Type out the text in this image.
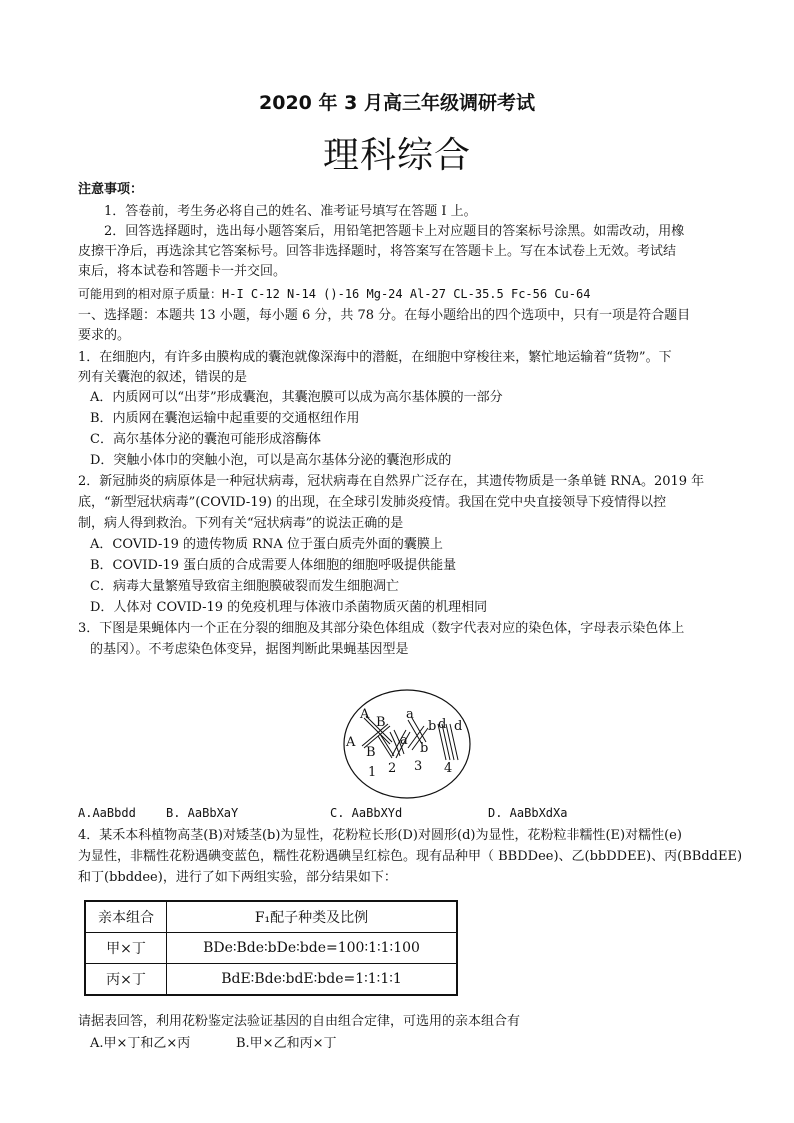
2020 年 3 月高三年级调研考试
理科综合
注意事项：
1．答卷前，考生务必将自己的姓名、准考证号填写在答题 I 上。
2．回答选择题时，选出每小题答案后，用铅笔把答题卡上对应题目的答案标号涂黑。如需改动，用橡
皮擦干净后，再选涂其它答案标号。回答非选择题时，将答案写在答题卡上。写在本试卷上无效。考试结
束后，将本试卷和答题卡一并交回。
可能用到的相对原子质量：H-I C-12 N-14 ()-16 Mg-24 Al-27 CL-35.5 Fc-56 Cu-64
一、选择题：本题共 13 小题，每小题 6 分，共 78 分。在每小题给出的四个选项中，只有一项是符合题目
要求的。
1．在细胞内，有许多由膜构成的囊泡就像深海中的潜艇，在细胞中穿梭往来，繁忙地运输着“货物”。下
列有关囊泡的叙述，错误的是
A．内质网可以“出芽”形成囊泡，其囊泡膜可以成为高尔基体膜的一部分
B．内质网在囊泡运输中起重要的交通枢纽作用
C．高尔基体分泌的囊泡可能形成溶酶体
D．突触小体巾的突触小泡，可以是高尔基体分泌的囊泡形成的
2．新冠肺炎的病原体是一种冠状病毒，冠状病毒在自然界广泛存在，其遗传物质是一条单链 RNA。2019 年
底，“新型冠状病毒”(COVID-19) 的出现，在全球引发肺炎疫情。我国在党中央直接领导下疫情得以控
制，病人得到救治。下列有关“冠状病毒”的说法正确的是
A．COVID-19 的遗传物质 RNA 位于蛋白质壳外面的囊膜上
B．COVID-19 蛋白质的合成需要人体细胞的细胞呼吸提供能量
C．病毒大量繁殖导致宿主细胞膜破裂而发生细胞凋亡
D．人体对 COVID-19 的免疫机理与体液巾杀菌物质灭菌的机理相同
3．下图是果蝇体内一个正在分裂的细胞及其部分染色体组成（数字代表对应的染色体，字母表示染色体上
的基冈）。不考虑染色体变异，据图判断此果蝇基因型是
A
B
A
B
a
a
b
b
d d
1 2 3 4
A.AaBbdd	B. AaBbXaY	C. AaBbXYd	D. AaBbXdXa
4．某禾本科植物高茎(B)对矮茎(b)为显性，花粉粒长形(D)对圆形(d)为显性，花粉粒非糯性(E)对糯性(e)
为显性，非糯性花粉遇碘变蓝色，糯性花粉遇碘呈红棕色。现有品种甲（ BBDDee)、乙(bbDDEE)、丙(BBddEE)
和丁(bbddee)，进行了如下两组实验，部分结果如下：
亲本组合	F₁配子种类及比例
甲×丁	BDe∶Bde∶bDe∶bde=100∶1∶1∶100
丙×丁	BdE∶Bde∶bdE∶bde=1∶1∶1∶1
请据表回答，利用花粉鉴定法验证基因的自由组合定律，可选用的亲本组合有
A.甲×丁和乙×丙	B.甲×乙和丙×丁
